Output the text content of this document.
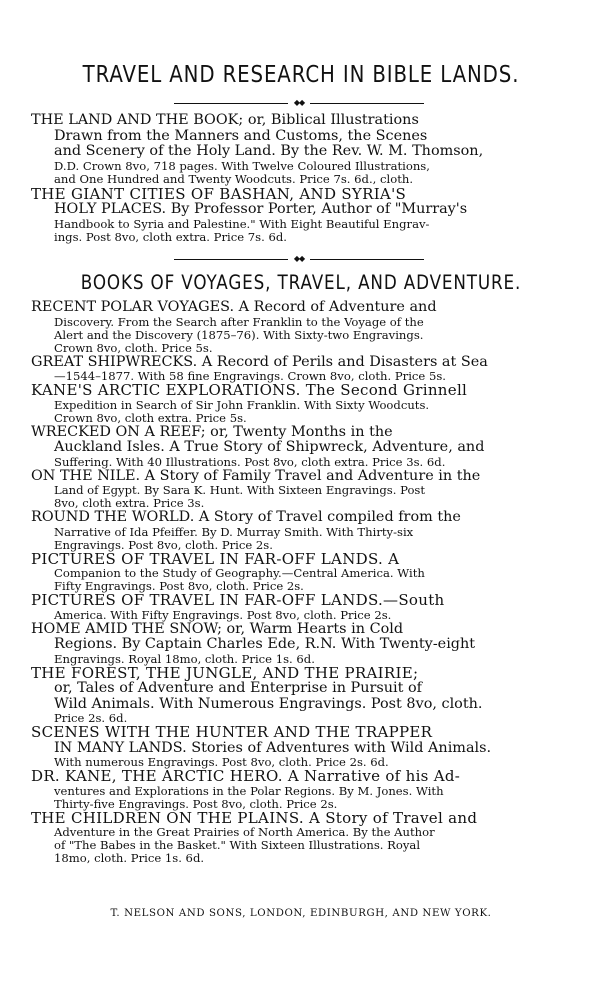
TRAVEL AND RESEARCH IN BIBLE LANDS.
◆◆
THE LAND AND THE BOOK; or, Biblical Illustrations
Drawn from the Manners and Customs, the Scenes
and Scenery of the Holy Land. By the Rev. W. M. Thomson,
D.D. Crown 8vo, 718 pages. With Twelve Coloured Illustrations,
and One Hundred and Twenty Woodcuts. Price 7s. 6d., cloth.
THE GIANT CITIES OF BASHAN, AND SYRIA'S
HOLY PLACES. By Professor Porter, Author of "Murray's
Handbook to Syria and Palestine." With Eight Beautiful Engrav-
ings. Post 8vo, cloth extra. Price 7s. 6d.
◆◆
BOOKS OF VOYAGES, TRAVEL, AND ADVENTURE.
RECENT POLAR VOYAGES. A Record of Adventure and
Discovery. From the Search after Franklin to the Voyage of the
Alert and the Discovery (1875–76). With Sixty-two Engravings.
Crown 8vo, cloth. Price 5s.
GREAT SHIPWRECKS. A Record of Perils and Disasters at Sea
—1544–1877. With 58 fine Engravings. Crown 8vo, cloth. Price 5s.
KANE'S ARCTIC EXPLORATIONS. The Second Grinnell
Expedition in Search of Sir John Franklin. With Sixty Woodcuts.
Crown 8vo, cloth extra. Price 5s.
WRECKED ON A REEF; or, Twenty Months in the
Auckland Isles. A True Story of Shipwreck, Adventure, and
Suffering. With 40 Illustrations. Post 8vo, cloth extra. Price 3s. 6d.
ON THE NILE. A Story of Family Travel and Adventure in the
Land of Egypt. By Sara K. Hunt. With Sixteen Engravings. Post
8vo, cloth extra. Price 3s.
ROUND THE WORLD. A Story of Travel compiled from the
Narrative of Ida Pfeiffer. By D. Murray Smith. With Thirty-six
Engravings. Post 8vo, cloth. Price 2s.
PICTURES OF TRAVEL IN FAR-OFF LANDS. A
Companion to the Study of Geography.—Central America. With
Fifty Engravings. Post 8vo, cloth. Price 2s.
PICTURES OF TRAVEL IN FAR-OFF LANDS.—South
America. With Fifty Engravings. Post 8vo, cloth. Price 2s.
HOME AMID THE SNOW; or, Warm Hearts in Cold
Regions. By Captain Charles Ede, R.N. With Twenty-eight
Engravings. Royal 18mo, cloth. Price 1s. 6d.
THE FOREST, THE JUNGLE, AND THE PRAIRIE;
or, Tales of Adventure and Enterprise in Pursuit of
Wild Animals. With Numerous Engravings. Post 8vo, cloth.
Price 2s. 6d.
SCENES WITH THE HUNTER AND THE TRAPPER
IN MANY LANDS. Stories of Adventures with Wild Animals.
With numerous Engravings. Post 8vo, cloth. Price 2s. 6d.
DR. KANE, THE ARCTIC HERO. A Narrative of his Ad-
ventures and Explorations in the Polar Regions. By M. Jones. With
Thirty-five Engravings. Post 8vo, cloth. Price 2s.
THE CHILDREN ON THE PLAINS. A Story of Travel and
Adventure in the Great Prairies of North America. By the Author
of "The Babes in the Basket." With Sixteen Illustrations. Royal
18mo, cloth. Price 1s. 6d.
T. NELSON AND SONS, LONDON, EDINBURGH, AND NEW YORK.
